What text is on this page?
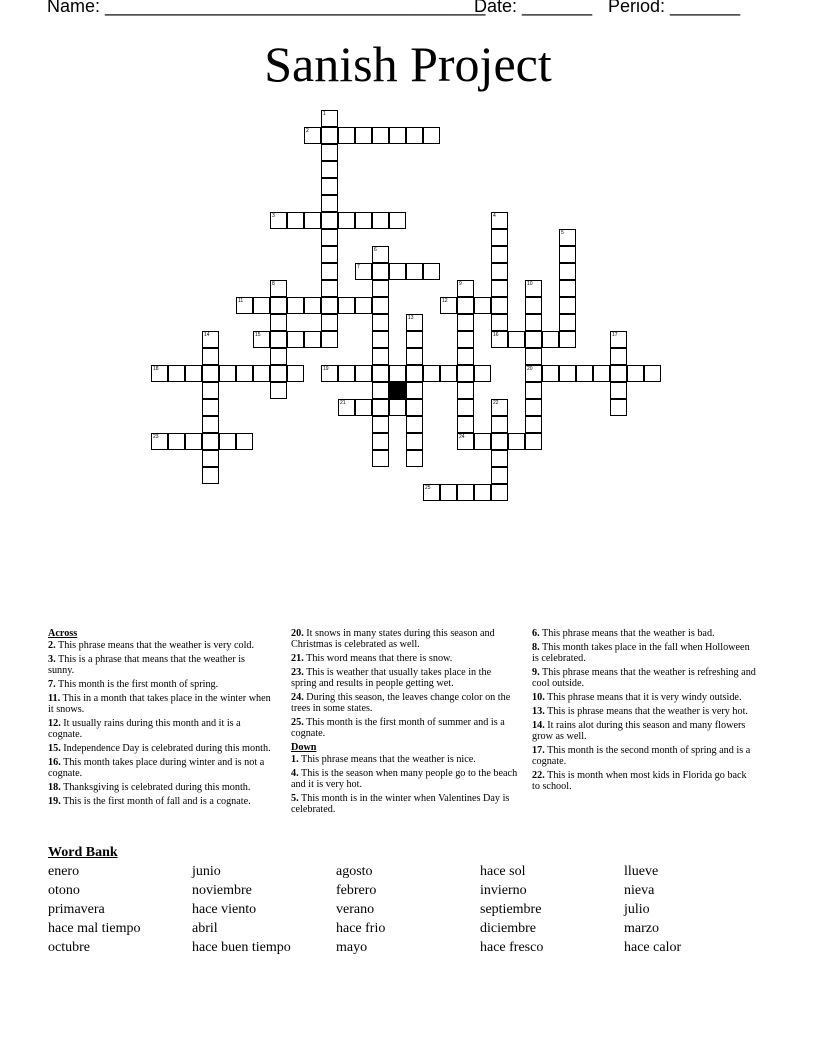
Name: ______________________________________
Date: _______ Period: _______
Sanish Project
2
3
7
11	12
15	16
18	19	20
21
23	24
25
1
4
5
6
8	9	10
13
14	17
22
Across
2. This phrase means that the weather is very cold.
3. This is a phrase that means that the weather is sunny.
7. This month is the first month of spring.
11. This in a month that takes place in the winter when it snows.
12. It usually rains during this month and it is a cognate.
15. Independence Day is celebrated during this month.
16. This month takes place during winter and is not a cognate.
18. Thanksgiving is celebrated during this month.
19. This is the first month of fall and is a cognate.
20. It snows in many states during this season and Christmas is celebrated as well.
21. This word means that there is snow.
23. This is weather that usually takes place in the spring and results in people getting wet.
24. During this season, the leaves change color on the trees in some states.
25. This month is the first month of summer and is a cognate.
Down
1. This phrase means that the weather is nice.
4. This is the season when many people go to the beach and it is very hot.
5. This month is in the winter when Valentines Day is celebrated.
6. This phrase means that the weather is bad.
8. This month takes place in the fall when Holloween is celebrated.
9. This phrase means that the weather is refreshing and cool outside.
10. This phrase means that it is very windy outside.
13. This is phrase means that the weather is very hot.
14. It rains alot during this season and many flowers grow as well.
17. This month is the second month of spring and is a cognate.
22. This is month when most kids in Florida go back to school.
Word Bank
enero	junio	agosto	hace sol	llueve
otono	noviembre	febrero	invierno	nieva
primavera	hace viento	verano	septiembre	julio
hace mal tiempo	abril	hace frio	diciembre	marzo
octubre	hace buen tiempo	mayo	hace fresco	hace calor
